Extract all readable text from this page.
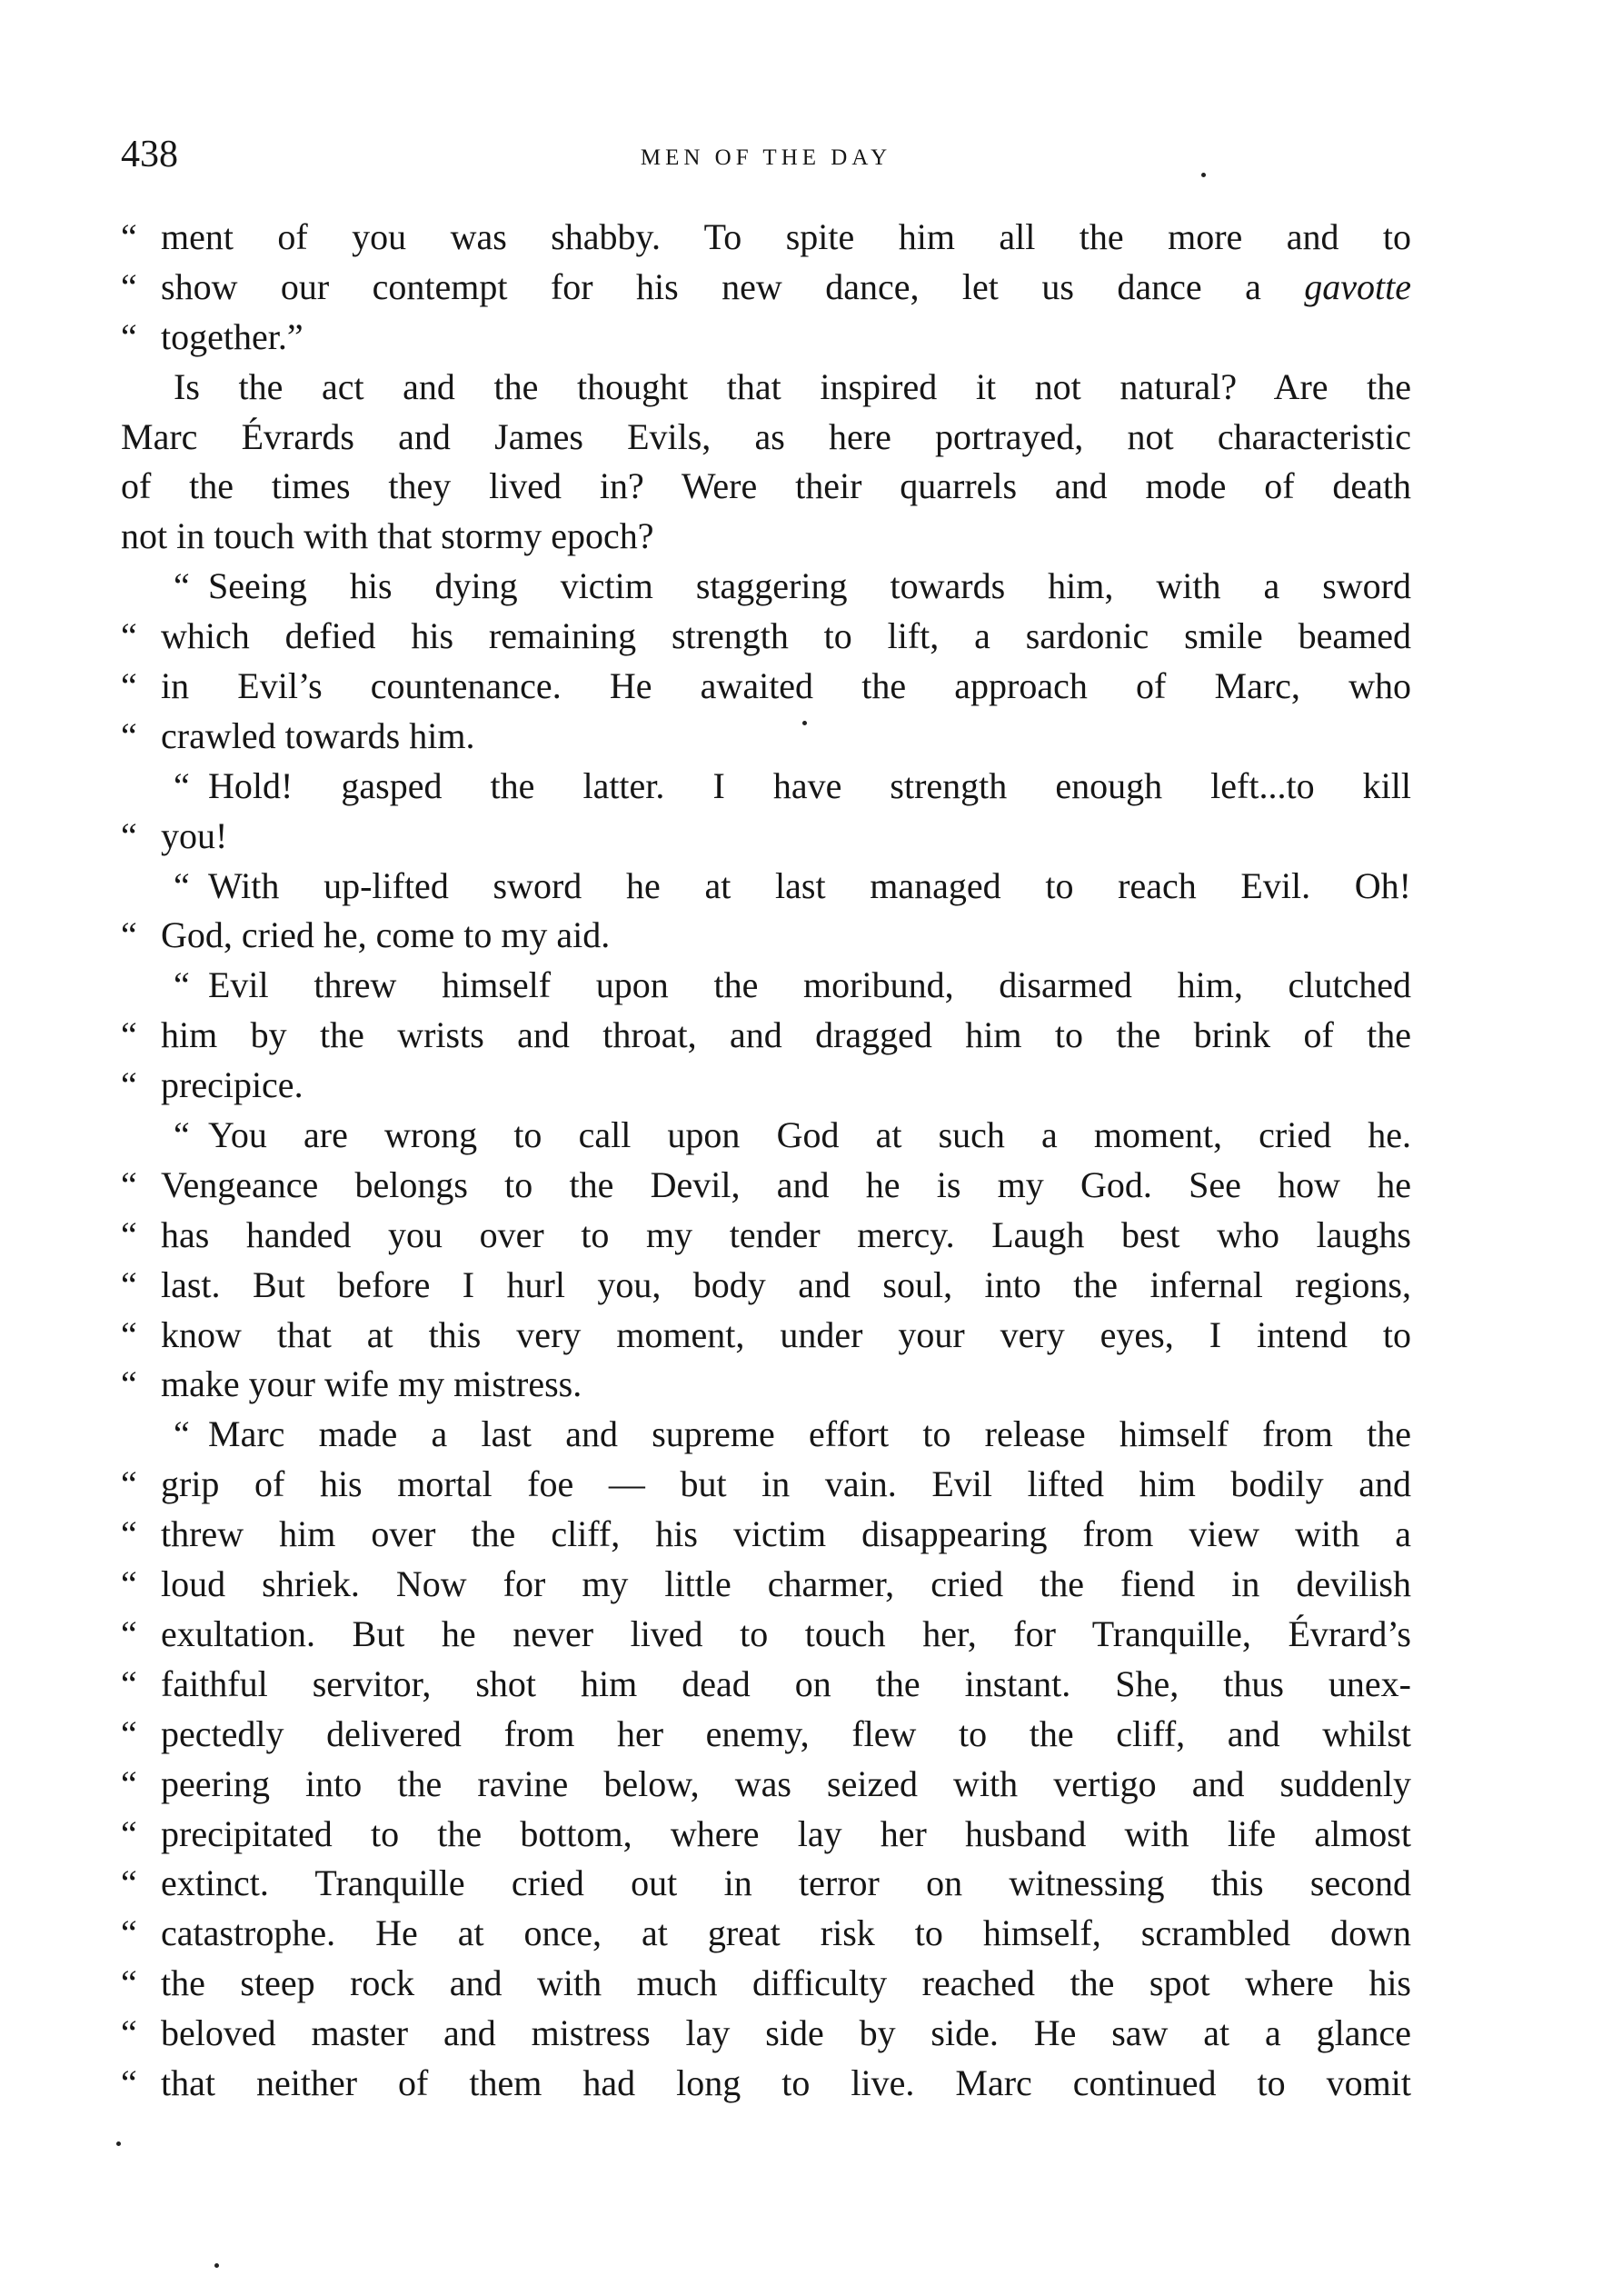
438	MEN OF THE DAY
“ ment of you was shabby. To spite him all the more and to
“ show our contempt for his new dance, let us dance a gavotte
“ together.”
Is the act and the thought that inspired it not natural? Are the
Marc Évrards and James Evils, as here portrayed, not characteristic
of the times they lived in? Were their quarrels and mode of death
not in touch with that stormy epoch?
“ Seeing his dying victim staggering towards him, with a sword
“ which defied his remaining strength to lift, a sardonic smile beamed
“ in Evil’s countenance. He awaited the approach of Marc, who
“ crawled towards him.
“ Hold! gasped the latter. I have strength enough left...to kill
“ you!
“ With up-lifted sword he at last managed to reach Evil. Oh!
“ God, cried he, come to my aid.
“ Evil threw himself upon the moribund, disarmed him, clutched
“ him by the wrists and throat, and dragged him to the brink of the
“ precipice.
“ You are wrong to call upon God at such a moment, cried he.
“ Vengeance belongs to the Devil, and he is my God. See how he
“ has handed you over to my tender mercy. Laugh best who laughs
“ last. But before I hurl you, body and soul, into the infernal regions,
“ know that at this very moment, under your very eyes, I intend to
“ make your wife my mistress.
“ Marc made a last and supreme effort to release himself from the
“ grip of his mortal foe — but in vain. Evil lifted him bodily and
“ threw him over the cliff, his victim disappearing from view with a
“ loud shriek. Now for my little charmer, cried the fiend in devilish
“ exultation. But he never lived to touch her, for Tranquille, Évrard’s
“ faithful servitor, shot him dead on the instant. She, thus unex-
“ pectedly delivered from her enemy, flew to the cliff, and whilst
“ peering into the ravine below, was seized with vertigo and suddenly
“ precipitated to the bottom, where lay her husband with life almost
“ extinct. Tranquille cried out in terror on witnessing this second
“ catastrophe. He at once, at great risk to himself, scrambled down
“ the steep rock and with much difficulty reached the spot where his
“ beloved master and mistress lay side by side. He saw at a glance
“ that neither of them had long to live. Marc continued to vomit
